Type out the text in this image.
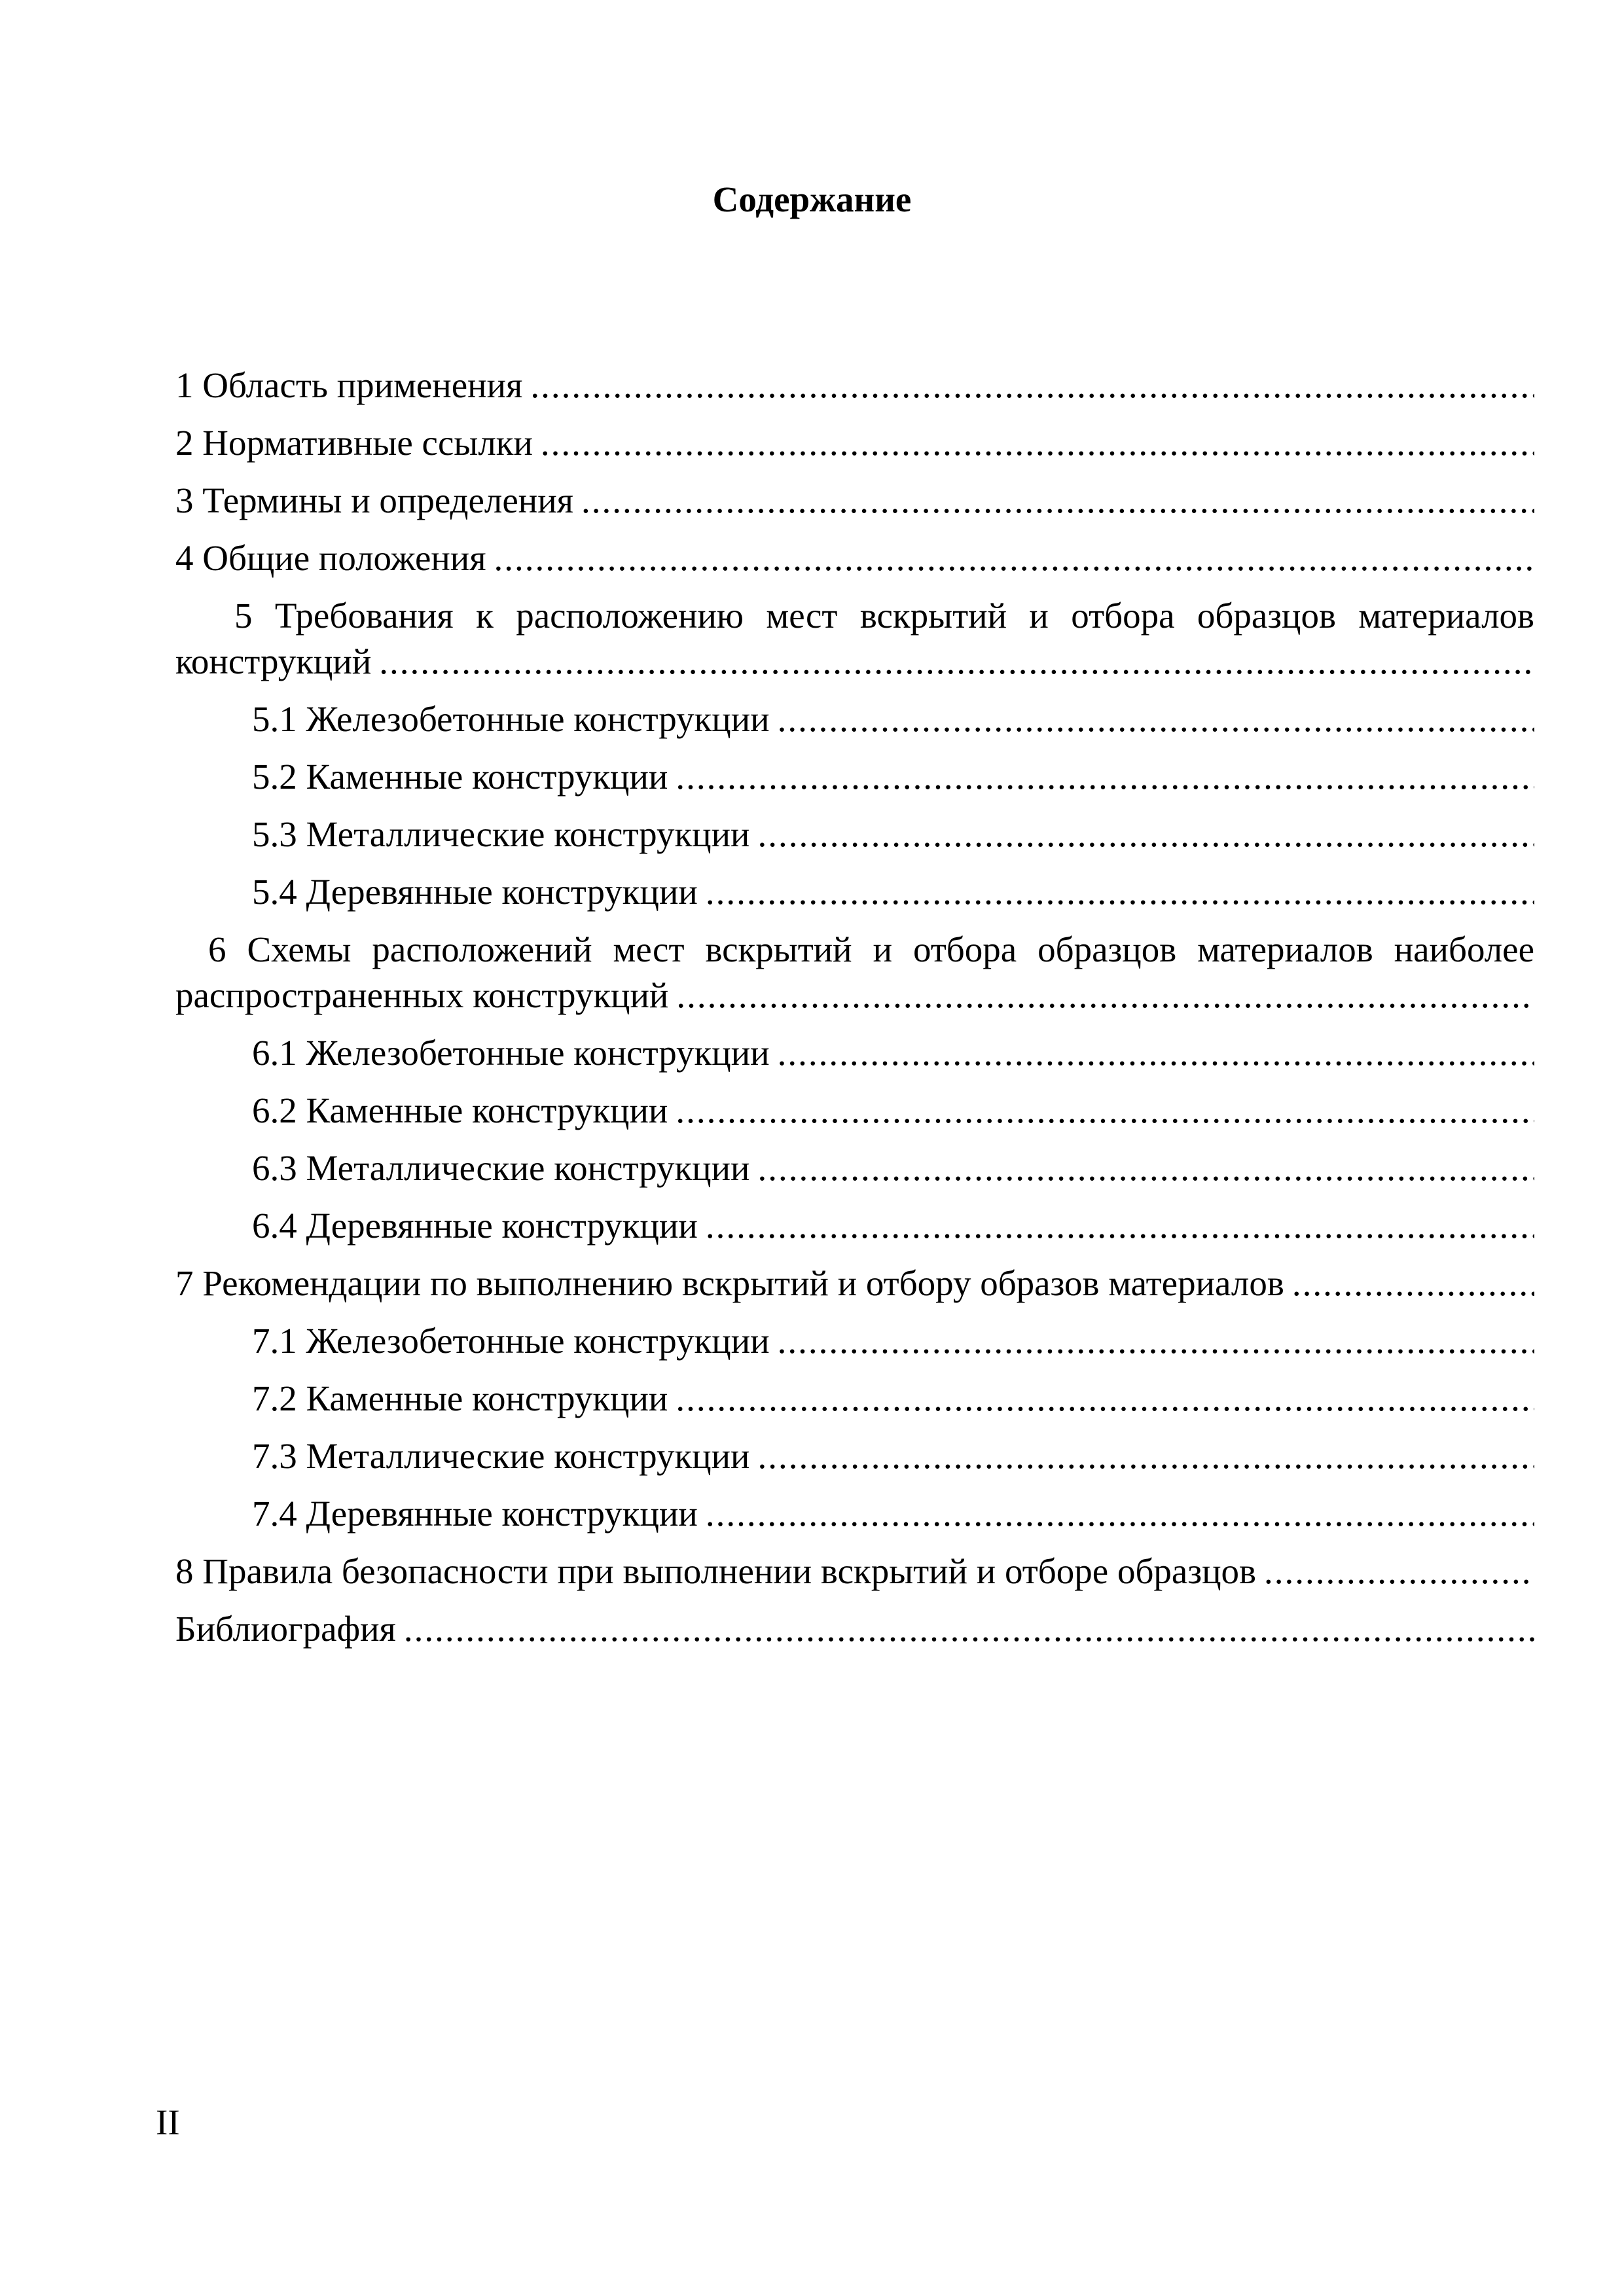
Содержание
1 Область применения
.....
2 Нормативные ссылки
.....
3 Термины и определения
.....
4 Общие положения
.....
5 Требования к расположению мест вскрытий и отбора образцов материалов
конструкций
.....
5.1 Железобетонные конструкции
.....
5.2 Каменные конструкции
.....
5.3 Металлические конструкции
.....
5.4 Деревянные конструкции
.....
6 Схемы расположений мест вскрытий и отбора образцов материалов наиболее
распространенных конструкций
.....
6.1 Железобетонные конструкции
.....
6.2 Каменные конструкции
.....
6.3 Металлические конструкции
.....
6.4 Деревянные конструкции
.....
7 Рекомендации по выполнению вскрытий и отбору образов материалов
.....
7.1 Железобетонные конструкции
.....
7.2 Каменные конструкции
.....
7.3 Металлические конструкции
.....
7.4 Деревянные конструкции
.....
8 Правила безопасности при выполнении вскрытий и отборе образцов
.....
Библиография
.....
II
